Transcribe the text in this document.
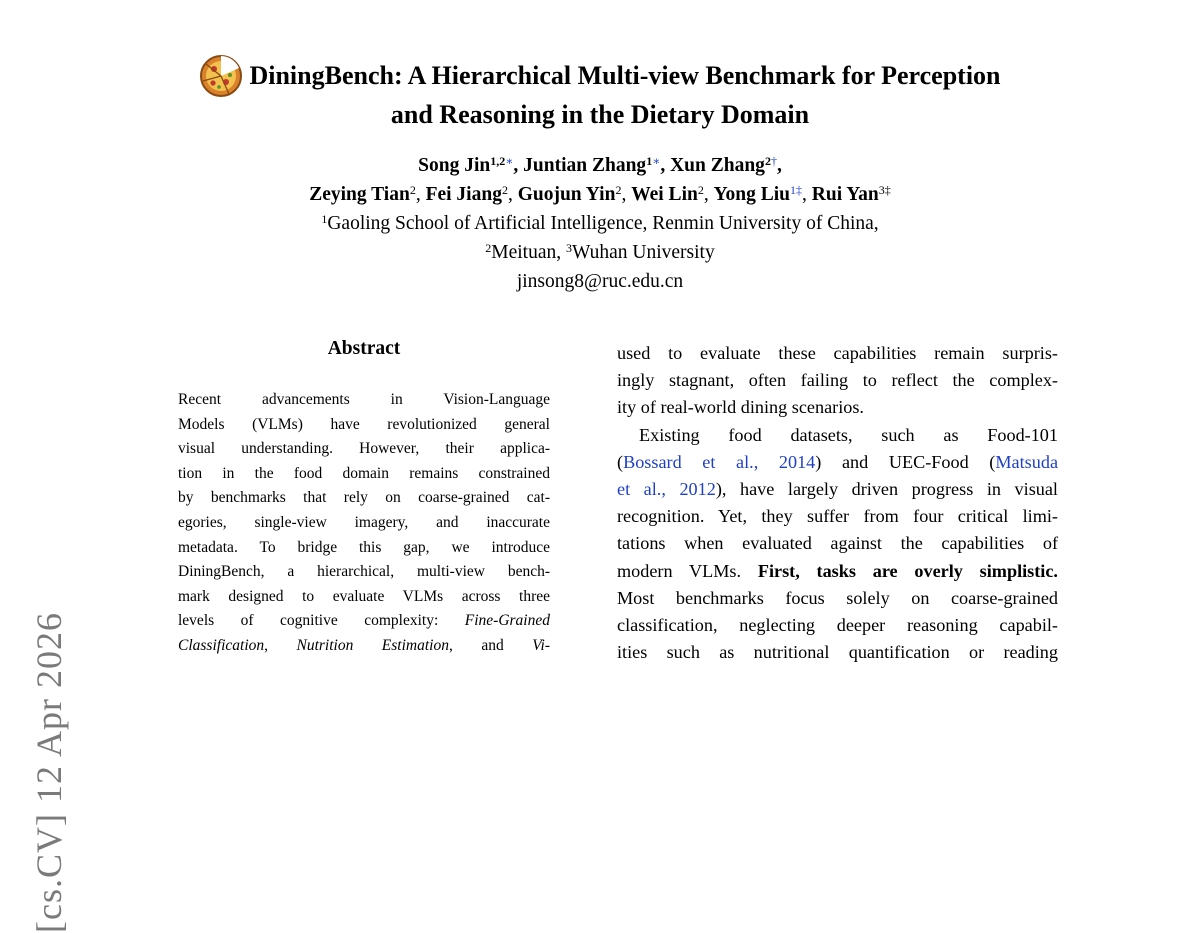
[cs.CV] 12 Apr 2026
DiningBench: A Hierarchical Multi-view Benchmark for Perception
and Reasoning in the Dietary Domain
Song Jin$^{1,2∗}$, Juntian Zhang$^{1∗}$, Xun Zhang$^{2\dagger}$,
Zeying Tian$^2$, Fei Jiang$^2$, Guojun Yin$^2$, Wei Lin$^2$, Yong Liu$^{1\ddagger}$, Rui Yan$^{3\ddagger}$
$^1$Gaoling School of Artificial Intelligence, Renmin University of China,
$^2$Meituan, $^3$Wuhan University
jinsong8@ruc.edu.cn
Abstract
Recent advancements in Vision-Language
Models (VLMs) have revolutionized general
visual understanding. However, their applica-
tion in the food domain remains constrained
by benchmarks that rely on coarse-grained cat-
egories, single-view imagery, and inaccurate
metadata. To bridge this gap, we introduce
DiningBench, a hierarchical, multi-view bench-
mark designed to evaluate VLMs across three
levels of cognitive complexity: Fine-Grained
Classification, Nutrition Estimation, and Vi-
used to evaluate these capabilities remain surpris-
ingly stagnant, often failing to reflect the complex-
ity of real-world dining scenarios.
Existing food datasets, such as Food-101
(Bossard et al., 2014) and UEC-Food (Matsuda
et al., 2012), have largely driven progress in visual
recognition. Yet, they suffer from four critical limi-
tations when evaluated against the capabilities of
modern VLMs. First, tasks are overly simplistic.
Most benchmarks focus solely on coarse-grained
classification, neglecting deeper reasoning capabil-
ities such as nutritional quantification or reading
